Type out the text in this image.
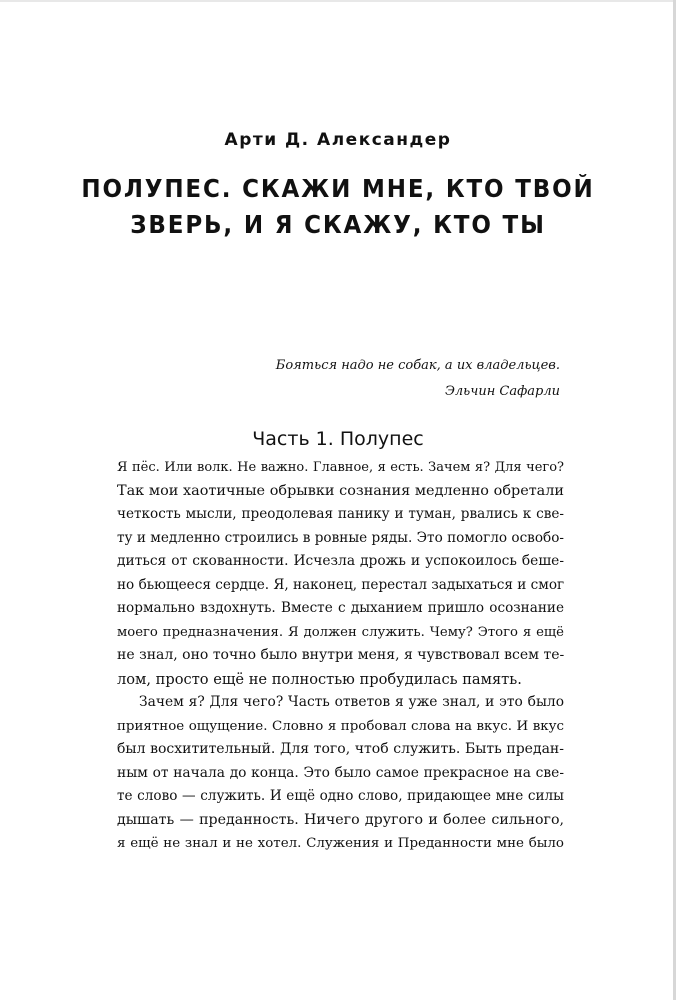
Арти Д. Александер
ПОЛУПЕС. СКАЖИ МНЕ, КТО ТВОЙ
ЗВЕРЬ, И Я СКАЖУ, КТО ТЫ
Бояться надо не собак, а их владельцев.
Эльчин Сафарли
Часть 1. Полупес
Я пёс. Или волк. Не важно. Главное, я есть. Зачем я? Для чего?
Так мои хаотичные обрывки сознания медленно обретали
четкость мысли, преодолевая панику и туман, рвались к све-
ту и медленно строились в ровные ряды. Это помогло освобо-
диться от скованности. Исчезла дрожь и успокоилось беше-
но бьющееся сердце. Я, наконец, перестал задыхаться и смог
нормально вздохнуть. Вместе с дыханием пришло осознание
моего предназначения. Я должен служить. Чему? Этого я ещё
не знал, оно точно было внутри меня, я чувствовал всем те-
лом, просто ещё не полностью пробудилась память.
Зачем я? Для чего? Часть ответов я уже знал, и это было
приятное ощущение. Словно я пробовал слова на вкус. И вкус
был восхитительный. Для того, чтоб служить. Быть предан-
ным от начала до конца. Это было самое прекрасное на све-
те слово — служить. И ещё одно слово, придающее мне силы
дышать — преданность. Ничего другого и более сильного,
я ещё не знал и не хотел. Служения и Преданности мне было
